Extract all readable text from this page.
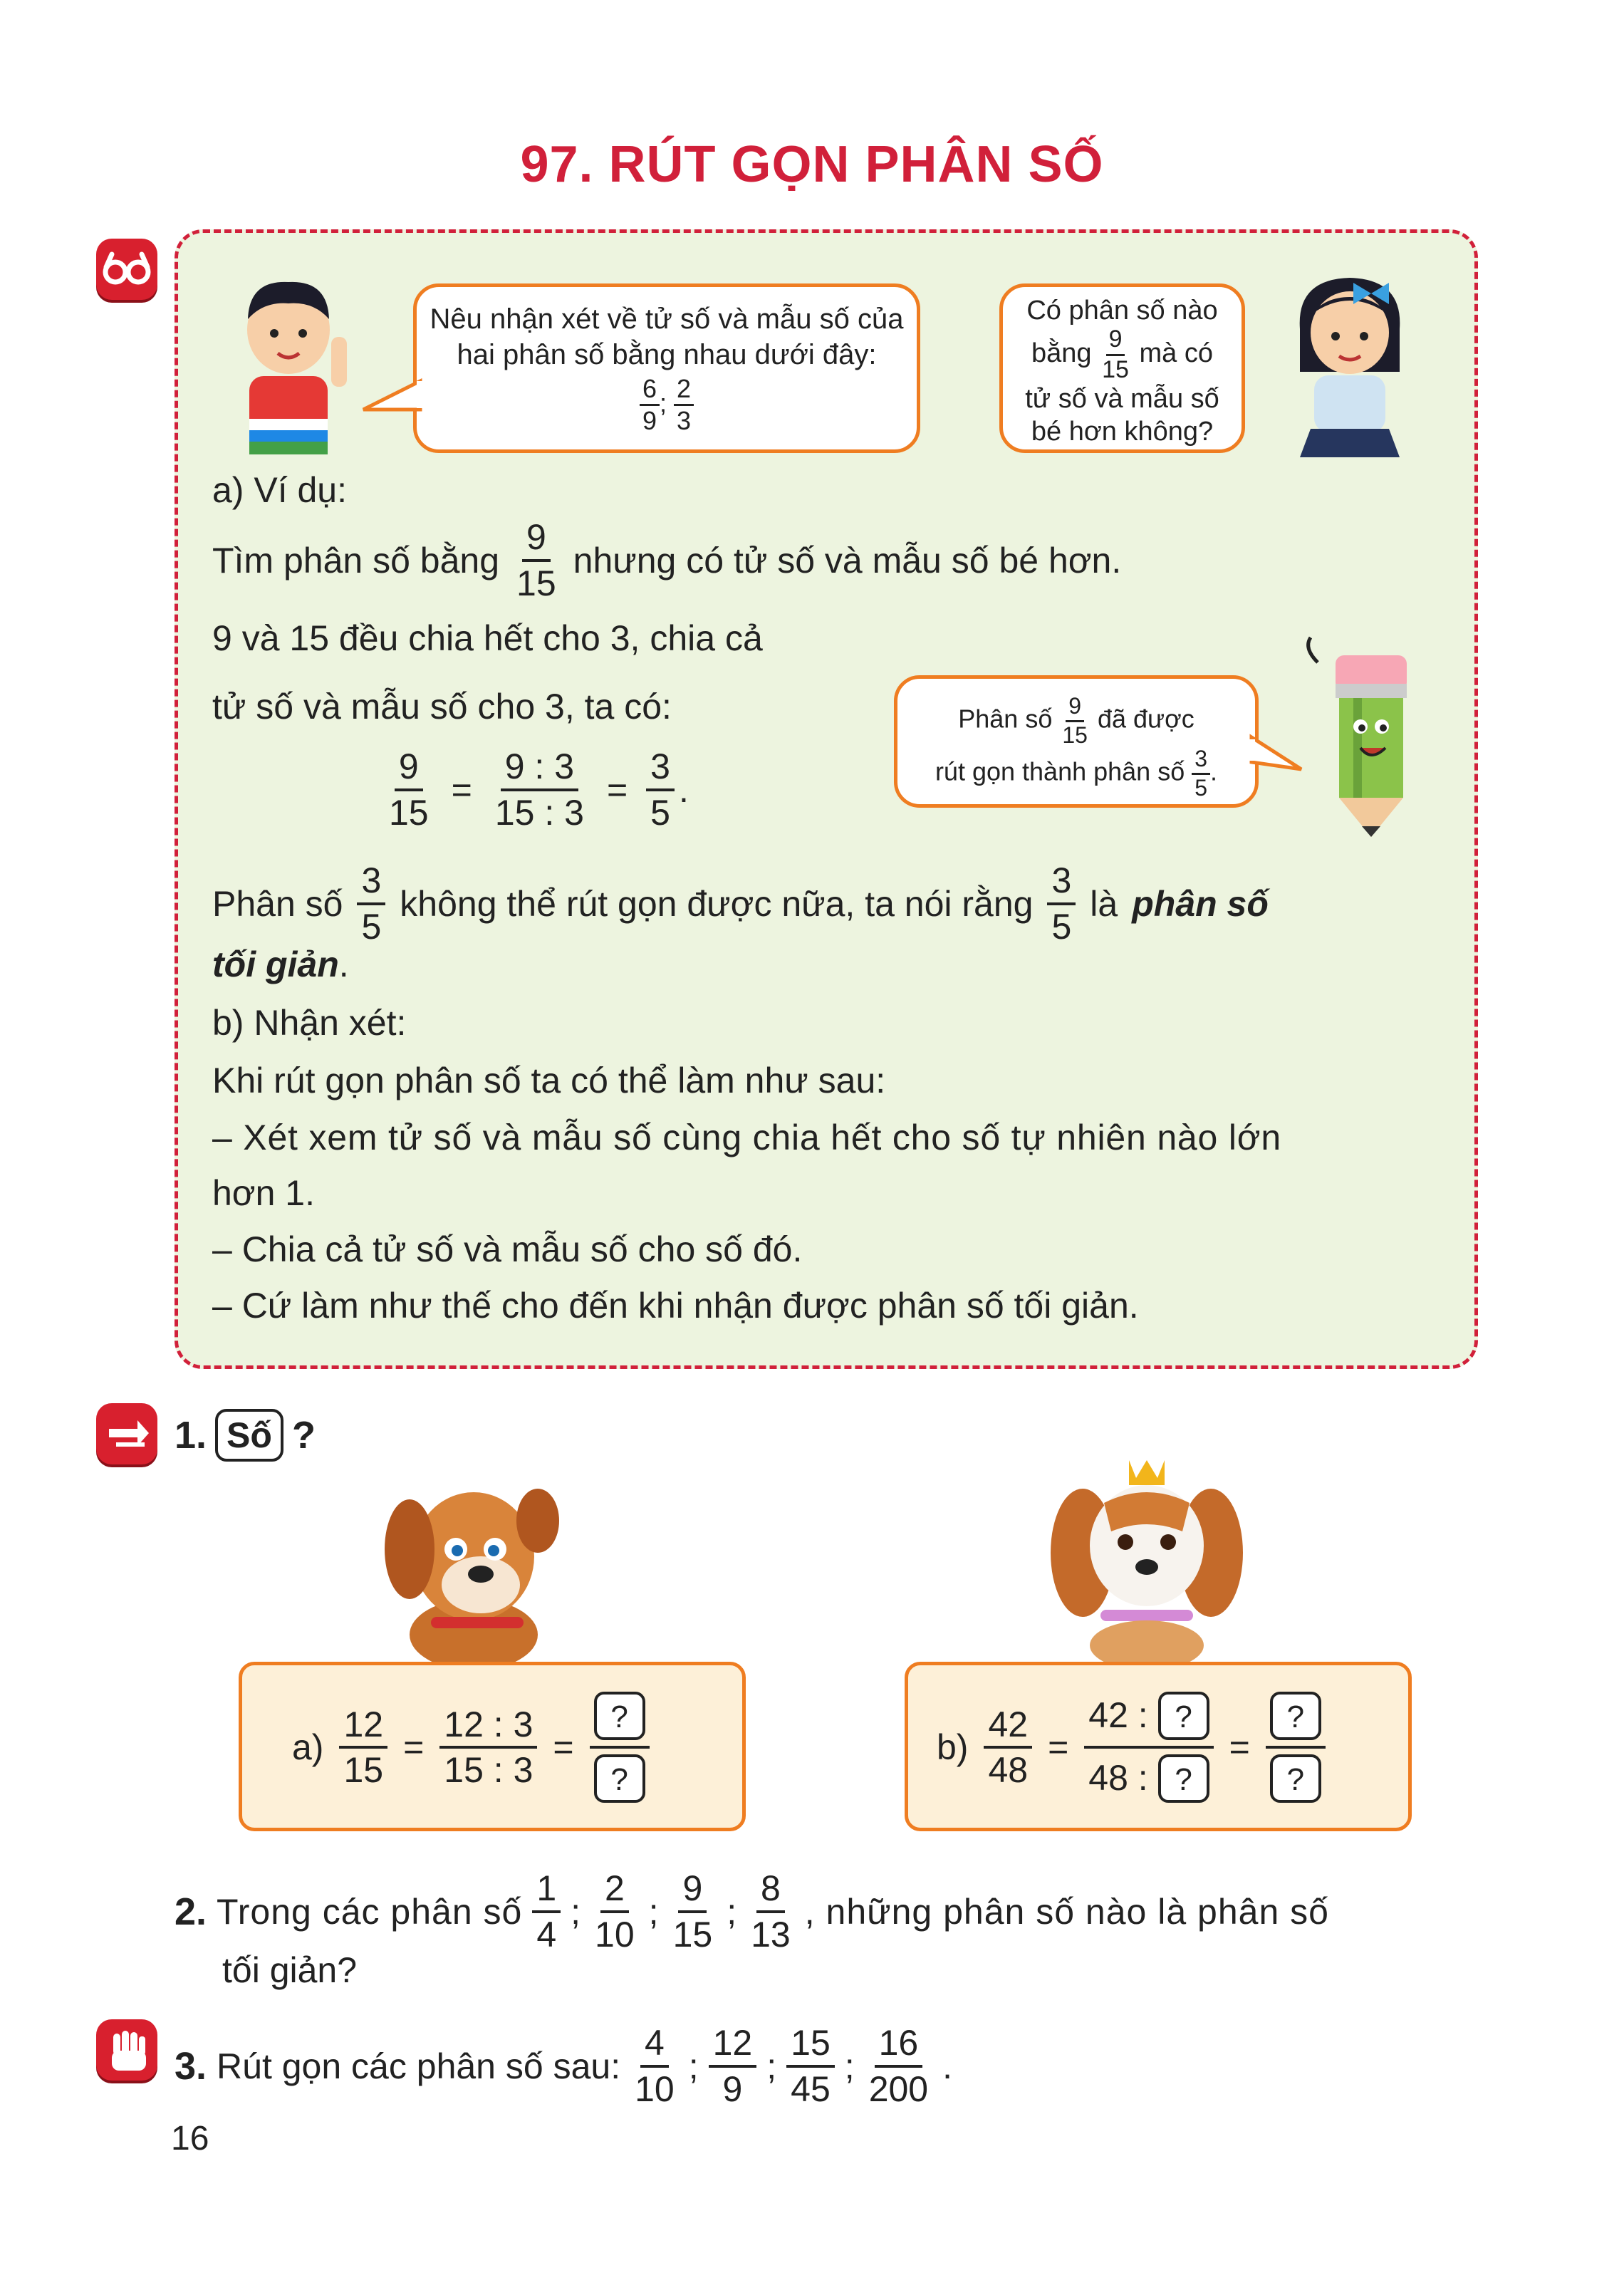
97. RÚT GỌN PHÂN SỐ
Nêu nhận xét về tử số và mẫu số của
hai phân số bằng nhau dưới đây:
$\frac{6}{9}$ ; $\frac{2}{3}$
Có phân số nào
bằng $\frac{9}{15}$ mà có
tử số và mẫu số
bé hơn không?
a) Ví dụ:
Tìm phân số bằng $\frac{9}{15}$ nhưng có tử số và mẫu số bé hơn.
9 và 15 đều chia hết cho 3, chia cả
tử số và mẫu số cho 3, ta có:
$\frac{9}{15} = \frac{9 : 3}{15 : 3} = \frac{3}{5}$ .
Phân số $\frac{9}{15}$ đã được
rút gọn thành phân số $\frac{3}{5}$ .
Phân số $\frac{3}{5}$ không thể rút gọn được nữa, ta nói rằng $\frac{3}{5}$ là phân số
tối giản.
b) Nhận xét:
Khi rút gọn phân số ta có thể làm như sau:
– Xét xem tử số và mẫu số cùng chia hết cho số tự nhiên nào lớn
hơn 1.
– Chia cả tử số và mẫu số cho số đó.
– Cứ làm như thế cho đến khi nhận được phân số tối giản.
1. Số ?
$a) \frac{12}{15} = \frac{12 : 3}{15 : 3} = \frac{?}{?}$	$b) \frac{42}{48} = \frac{42 : ?}{48 : ?} = \frac{?}{?}$
2. Trong các phân số $\frac{1}{4}$ ; $\frac{2}{10}$ ; $\frac{9}{15}$ ; $\frac{8}{13}$ , những phân số nào là phân số
tối giản?
3. Rút gọn các phân số sau: $\frac{4}{10}$ ; $\frac{12}{9}$ ; $\frac{15}{45}$ ; $\frac{16}{200}$ .
16
